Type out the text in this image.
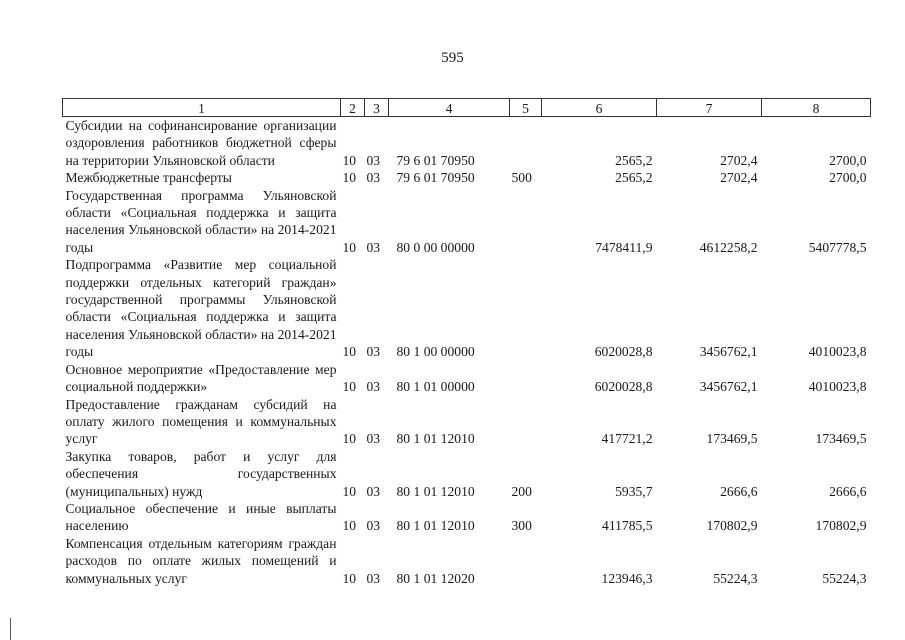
595
1	2	3	4	5	6	7	8
Субсидии на софинансирование организации оздоровления работников бюджетной сферы на территории Ульяновской области	10	03	79 6 01 70950		2565,2	2702,4	2700,0
Межбюджетные трансферты	10	03	79 6 01 70950	500	2565,2	2702,4	2700,0
Государственная программа Ульяновской области «Социальная поддержка и защита населения Ульяновской области» на 2014-2021 годы	10	03	80 0 00 00000		7478411,9	4612258,2	5407778,5
Подпрограмма «Развитие мер социальной поддержки отдельных категорий граждан» государственной программы Ульяновской области «Социальная поддержка и защита населения Ульяновской области» на 2014-2021 годы	10	03	80 1 00 00000		6020028,8	3456762,1	4010023,8
Основное мероприятие «Предоставление мер социальной поддержки»	10	03	80 1 01 00000		6020028,8	3456762,1	4010023,8
Предоставление гражданам субсидий на оплату жилого помещения и коммунальных услуг	10	03	80 1 01 12010		417721,2	173469,5	173469,5
Закупка товаров, работ и услуг для обеспечения государственных (муниципальных) нужд	10	03	80 1 01 12010	200	5935,7	2666,6	2666,6
Социальное обеспечение и иные выплаты населению	10	03	80 1 01 12010	300	411785,5	170802,9	170802,9
Компенсация отдельным категориям граждан расходов по оплате жилых помещений и коммунальных услуг	10	03	80 1 01 12020		123946,3	55224,3	55224,3
